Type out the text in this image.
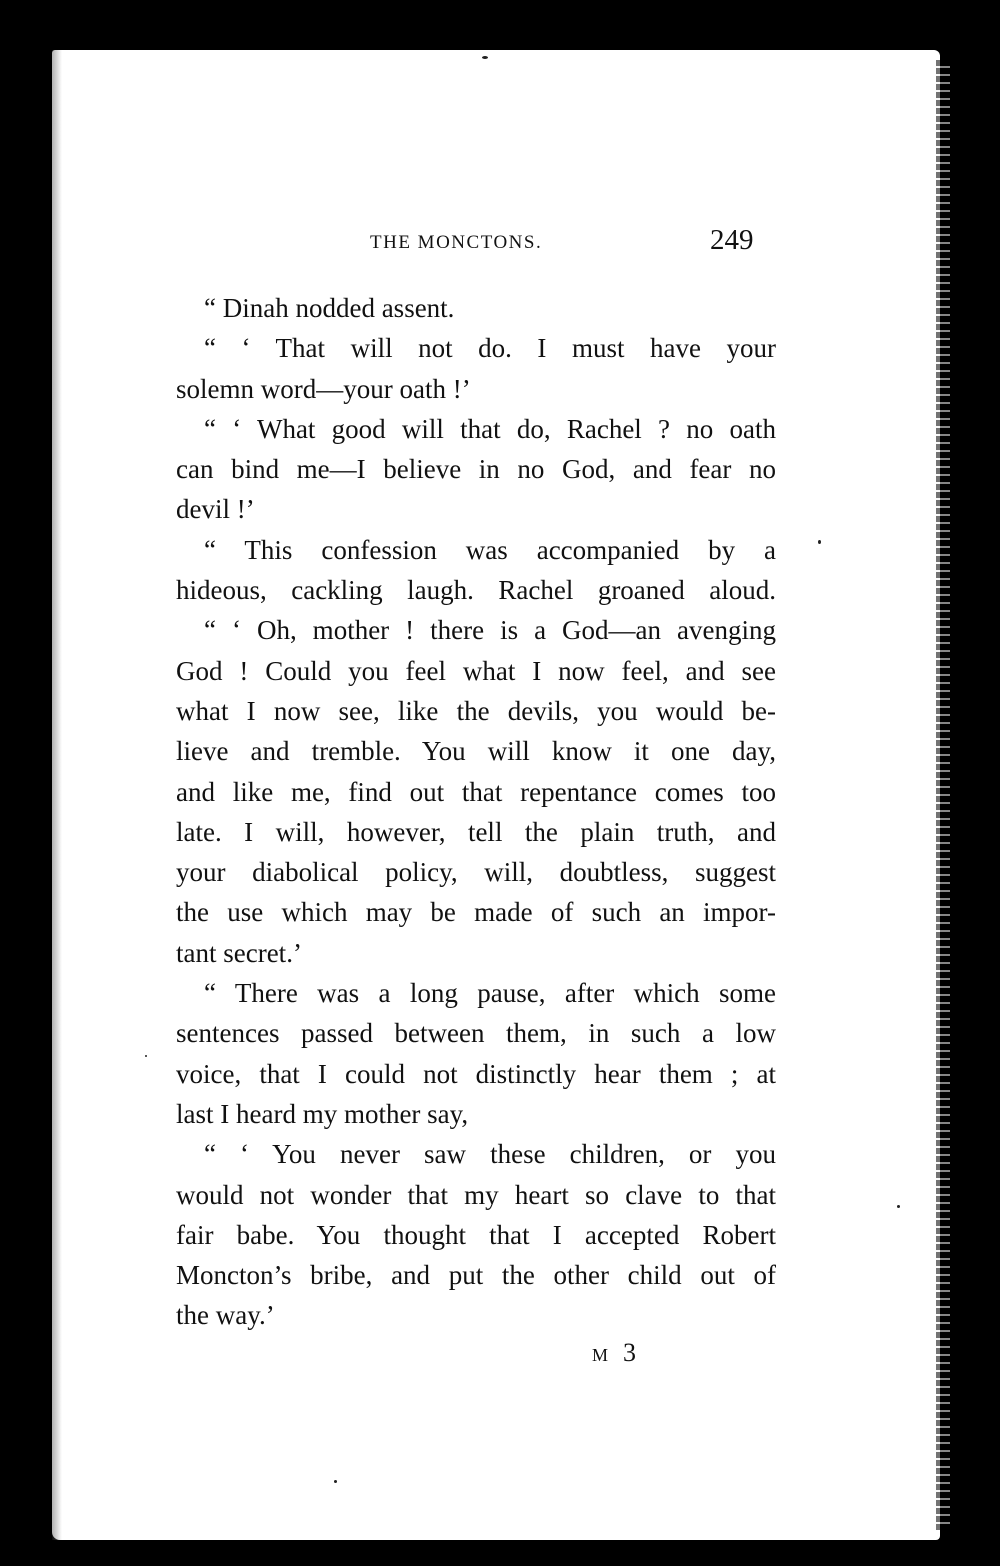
THE MONCTONS.	249
“ Dinah nodded assent.
“ ‘ That will not do. I must have your
solemn word—your oath !’
“ ‘ What good will that do, Rachel ? no oath
can bind me—I believe in no God, and fear no
devil !’
“ This confession was accompanied by a
hideous, cackling laugh. Rachel groaned aloud.
“ ‘ Oh, mother ! there is a God—an avenging
God ! Could you feel what I now feel, and see
what I now see, like the devils, you would be-
lieve and tremble. You will know it one day,
and like me, find out that repentance comes too
late. I will, however, tell the plain truth, and
your diabolical policy, will, doubtless, suggest
the use which may be made of such an impor-
tant secret.’
“ There was a long pause, after which some
sentences passed between them, in such a low
voice, that I could not distinctly hear them ; at
last I heard my mother say,
“ ‘ You never saw these children, or you
would not wonder that my heart so clave to that
fair babe. You thought that I accepted Robert
Moncton’s bribe, and put the other child out of
the way.’
M 3
